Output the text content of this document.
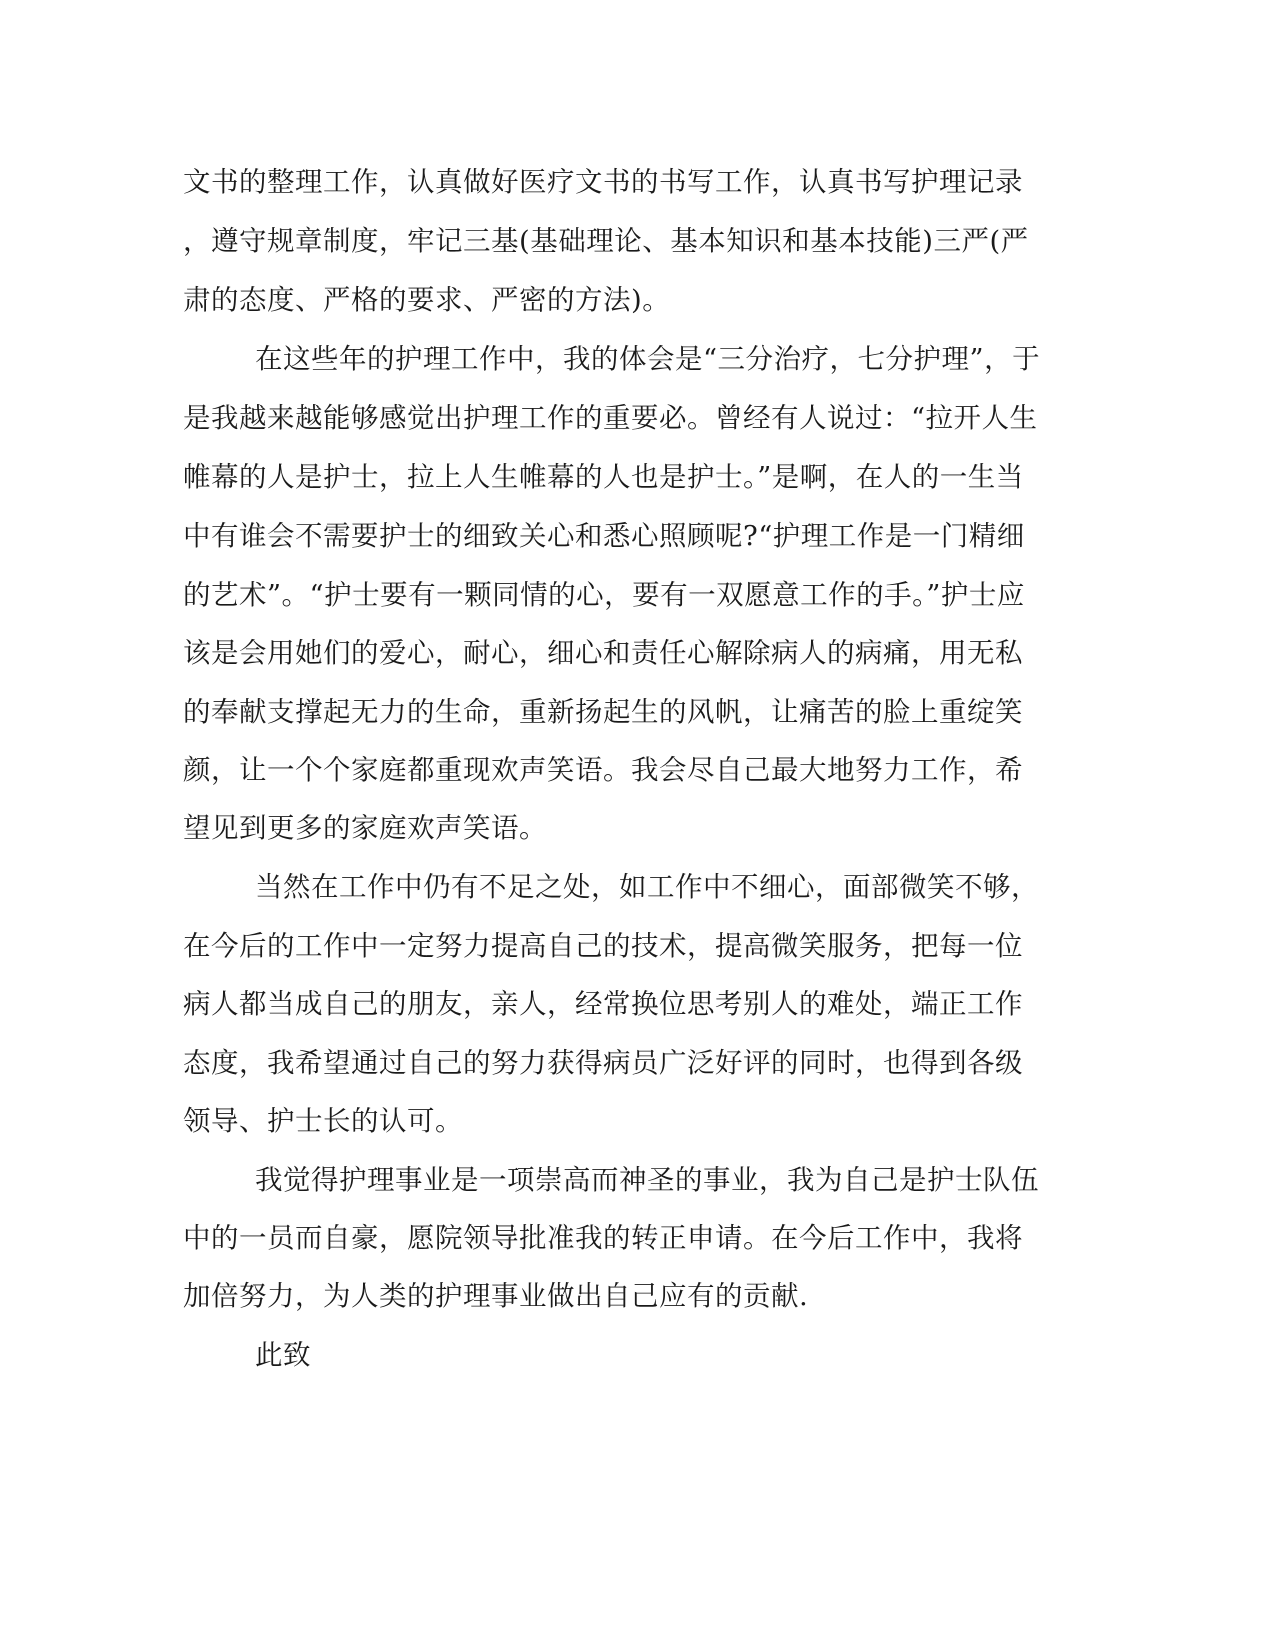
文书的整理工作，认真做好医疗文书的书写工作，认真书写护理记录
，遵守规章制度，牢记三基(基础理论、基本知识和基本技能)三严(严
肃的态度、严格的要求、严密的方法)。
在这些年的护理工作中，我的体会是“三分治疗，七分护理”，于
是我越来越能够感觉出护理工作的重要必。曾经有人说过：“拉开人生
帷幕的人是护士，拉上人生帷幕的人也是护士。”是啊，在人的一生当
中有谁会不需要护士的细致关心和悉心照顾呢?“护理工作是一门精细
的艺术”。“护士要有一颗同情的心，要有一双愿意工作的手。”护士应
该是会用她们的爱心，耐心，细心和责任心解除病人的病痛，用无私
的奉献支撑起无力的生命，重新扬起生的风帆，让痛苦的脸上重绽笑
颜，让一个个家庭都重现欢声笑语。我会尽自己最大地努力工作，希
望见到更多的家庭欢声笑语。
当然在工作中仍有不足之处，如工作中不细心，面部微笑不够，
在今后的工作中一定努力提高自己的技术，提高微笑服务，把每一位
病人都当成自己的朋友，亲人，经常换位思考别人的难处，端正工作
态度，我希望通过自己的努力获得病员广泛好评的同时，也得到各级
领导、护士长的认可。
我觉得护理事业是一项崇高而神圣的事业，我为自己是护士队伍
中的一员而自豪，愿院领导批准我的转正申请。在今后工作中，我将
加倍努力，为人类的护理事业做出自己应有的贡献.
此致
